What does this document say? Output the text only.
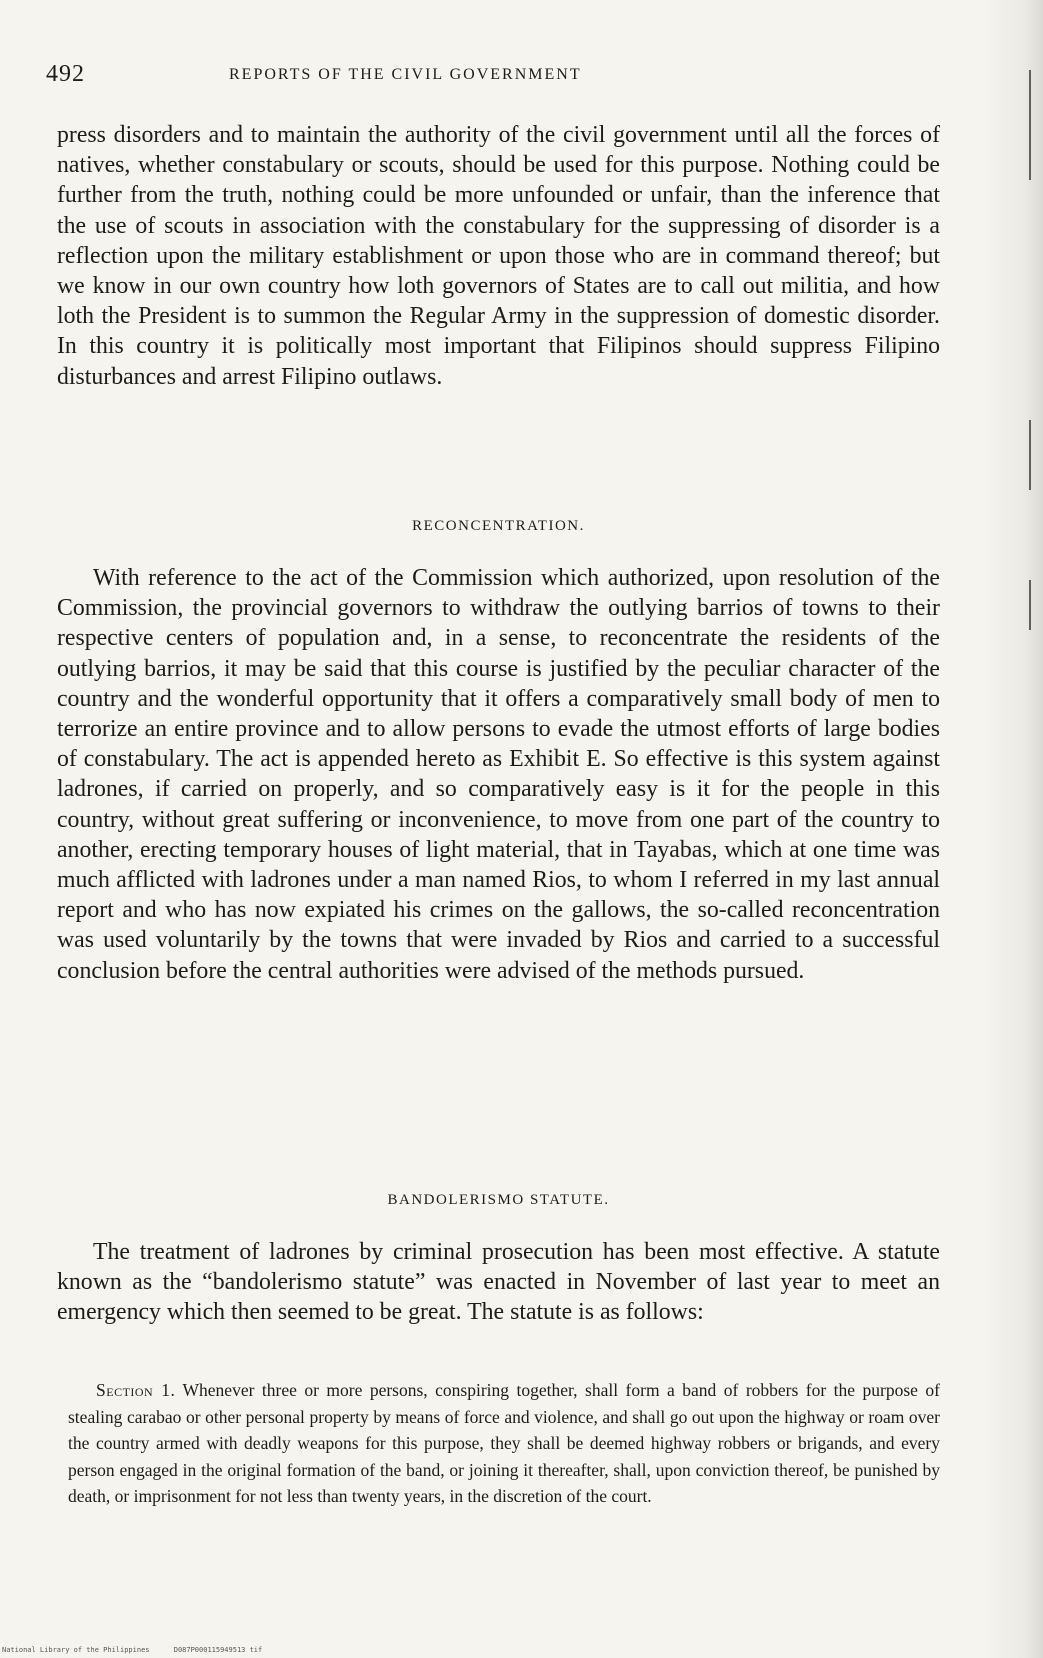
492	REPORTS OF THE CIVIL GOVERNMENT
press disorders and to maintain the authority of the civil government until all the forces of natives, whether constabulary or scouts, should be used for this purpose. Nothing could be further from the truth, nothing could be more unfounded or unfair, than the inference that the use of scouts in association with the constabulary for the suppressing of disorder is a reflection upon the military establishment or upon those who are in command thereof; but we know in our own country how loth governors of States are to call out militia, and how loth the President is to summon the Regular Army in the suppression of domestic disorder. In this country it is politically most important that Filipinos should suppress Filipino disturbances and arrest Filipino outlaws.
RECONCENTRATION.
With reference to the act of the Commission which authorized, upon resolution of the Commission, the provincial governors to withdraw the outlying barrios of towns to their respective centers of population and, in a sense, to reconcentrate the residents of the outlying barrios, it may be said that this course is justified by the peculiar character of the country and the wonderful opportunity that it offers a comparatively small body of men to terrorize an entire province and to allow persons to evade the utmost efforts of large bodies of constabulary. The act is appended hereto as Exhibit E. So effective is this system against ladrones, if carried on properly, and so comparatively easy is it for the people in this country, without great suffering or inconvenience, to move from one part of the country to another, erecting temporary houses of light material, that in Tayabas, which at one time was much afflicted with ladrones under a man named Rios, to whom I referred in my last annual report and who has now expiated his crimes on the gallows, the so-called reconcentration was used voluntarily by the towns that were invaded by Rios and carried to a successful conclusion before the central authorities were advised of the methods pursued.
BANDOLERISMO STATUTE.
The treatment of ladrones by criminal prosecution has been most effective. A statute known as the “bandolerismo statute” was enacted in November of last year to meet an emergency which then seemed to be great. The statute is as follows:
Section 1. Whenever three or more persons, conspiring together, shall form a band of robbers for the purpose of stealing carabao or other personal property by means of force and violence, and shall go out upon the highway or roam over the country armed with deadly weapons for this purpose, they shall be deemed highway robbers or brigands, and every person engaged in the original formation of the band, or joining it thereafter, shall, upon conviction thereof, be punished by death, or imprisonment for not less than twenty years, in the discretion of the court.
National Library of the Philippines	D087P000115949513 tif
